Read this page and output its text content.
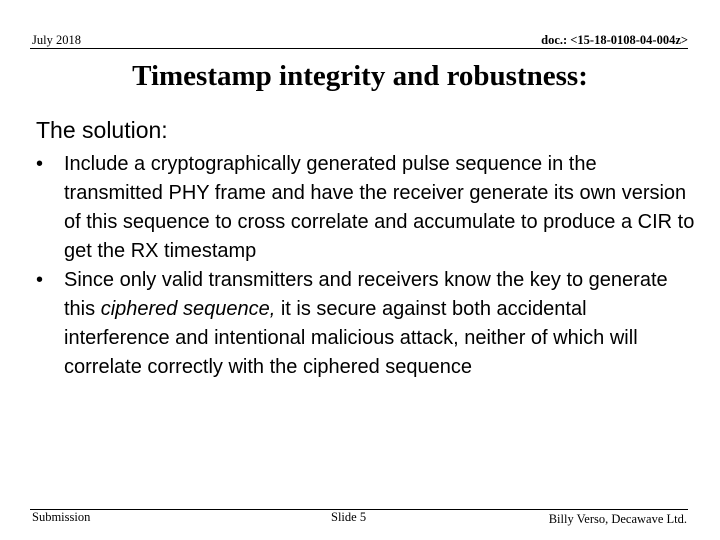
July 2018	doc.: <15-18-0108-04-004z>
Timestamp integrity and robustness:
The solution:
• Include a cryptographically generated pulse sequence in the transmitted PHY frame and have the receiver generate its own version of this sequence to cross correlate and accumulate to produce a CIR to get the RX timestamp
• Since only valid transmitters and receivers know the key to generate this ciphered sequence, it is secure against both accidental interference and intentional malicious attack, neither of which will correlate correctly with the ciphered sequence
Submission	Slide 5	Billy Verso, Decawave Ltd.
